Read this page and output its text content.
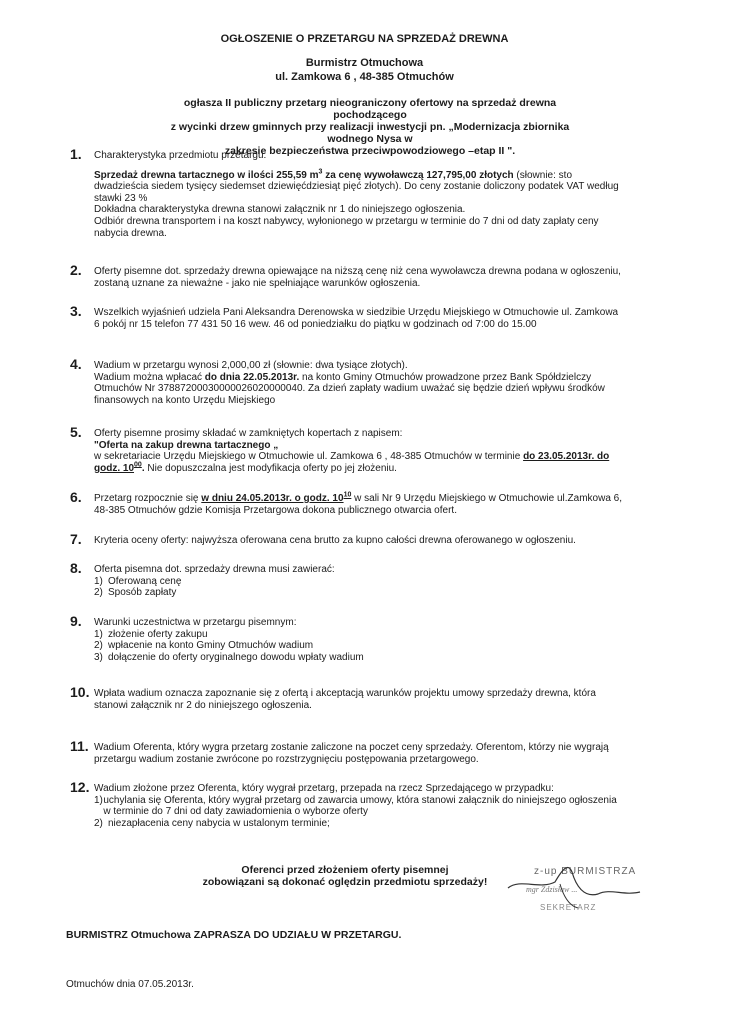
OGŁOSZENIE O PRZETARGU NA SPRZEDAŻ DREWNA
Burmistrz Otmuchowa
ul. Zamkowa 6 , 48-385 Otmuchów
ogłasza II publiczny przetarg nieograniczony ofertowy na sprzedaż drewna pochodzącego
z wycinki drzew gminnych przy realizacji inwestycji pn. „Modernizacja zbiornika wodnego Nysa w
zakresie bezpieczeństwa przeciwpowodziowego –etap II ".
1. Charakterystyka przedmiotu przetargu:

Sprzedaż drewna tartacznego w ilości 255,59 $m^3$ za cenę wywoławczą 127,795,00 złotych (słownie: sto dwadzieścia siedem tysięcy siedemset dziewięćdziesiąt pięć złotych). Do ceny zostanie doliczony podatek VAT według stawki 23 %

Dokładna charakterystyka drewna stanowi załącznik nr 1 do niniejszego ogłoszenia.

Odbiór drewna transportem i na koszt nabywcy, wyłonionego w przetargu w terminie do 7 dni od daty zapłaty ceny nabycia drewna.

2. Oferty pisemne dot. sprzedaży drewna opiewające na niższą cenę niż cena wywoławcza drewna podana w ogłoszeniu, zostaną uznane za nieważne - jako nie spełniające warunków ogłoszenia.

3. Wszelkich wyjaśnień udziela Pani Aleksandra Derenowska w siedzibie Urzędu Miejskiego w Otmuchowie ul. Zamkowa 6 pokój nr 15 telefon 77 431 50 16 wew. 46 od poniedziałku do piątku w godzinach od 7:00 do 15.00

4. Wadium w przetargu wynosi 2,000,00 zł (słownie: dwa tysiące złotych).

Wadium można wpłacać do dnia 22.05.2013r. na konto Gminy Otmuchów prowadzone przez Bank Spółdzielczy Otmuchów Nr 37887200030000026020000040. Za dzień zapłaty wadium uważać się będzie dzień wpływu środków finansowych na konto Urzędu Miejskiego

5. Oferty pisemne prosimy składać w zamkniętych kopertach z napisem:

"Oferta na zakup drewna tartacznego „

w sekretariacie Urzędu Miejskiego w Otmuchowie ul. Zamkowa 6 , 48-385 Otmuchów w terminie do 23.05.2013r. do godz. $10^{00}$. Nie dopuszczalna jest modyfikacja oferty po jej złożeniu.

6. Przetarg rozpocznie się w dniu 24.05.2013r. o godz. $10^{10}$ w sali Nr 9 Urzędu Miejskiego w Otmuchowie ul.Zamkowa 6, 48-385 Otmuchów gdzie Komisja Przetargowa dokona publicznego otwarcia ofert.

7. Kryteria oceny oferty: najwyższa oferowana cena brutto za kupno całości drewna oferowanego w ogłoszeniu.

8. Oferta pisemna dot. sprzedaży drewna musi zawierać:

1) Oferowaną cenę
2) Sposób zapłaty
9. Warunki uczestnictwa w przetargu pisemnym:

1) złożenie oferty zakupu
2) wpłacenie na konto Gminy Otmuchów wadium
3) dołączenie do oferty oryginalnego dowodu wpłaty wadium
10. Wpłata wadium oznacza zapoznanie się z ofertą i akceptacją warunków projektu umowy sprzedaży drewna, która stanowi załącznik nr 2 do niniejszego ogłoszenia.

11. Wadium Oferenta, który wygra przetarg zostanie zaliczone na poczet ceny sprzedaży. Oferentom, którzy nie wygrają przetargu wadium zostanie zwrócone po rozstrzygnięciu postępowania przetargowego.

12. Wadium złożone przez Oferenta, który wygrał przetarg, przepada na rzecz Sprzedającego w przypadku:

1) uchylania się Oferenta, który wygrał przetarg od zawarcia umowy, która stanowi załącznik do niniejszego ogłoszenia w terminie do 7 dni od daty zawiadomienia o wyborze oferty
2) niezapłacenia ceny nabycia w ustalonym terminie;
Oferenci przed złożeniem oferty pisemnej
zobowiązani są dokonać oględzin przedmiotu sprzedaży!
z-up BURMISTRZA
mgr Zdzisław ...
SEKRETARZ
BURMISTRZ Otmuchowa ZAPRASZA DO UDZIAŁU W PRZETARGU.
Otmuchów dnia 07.05.2013r.
